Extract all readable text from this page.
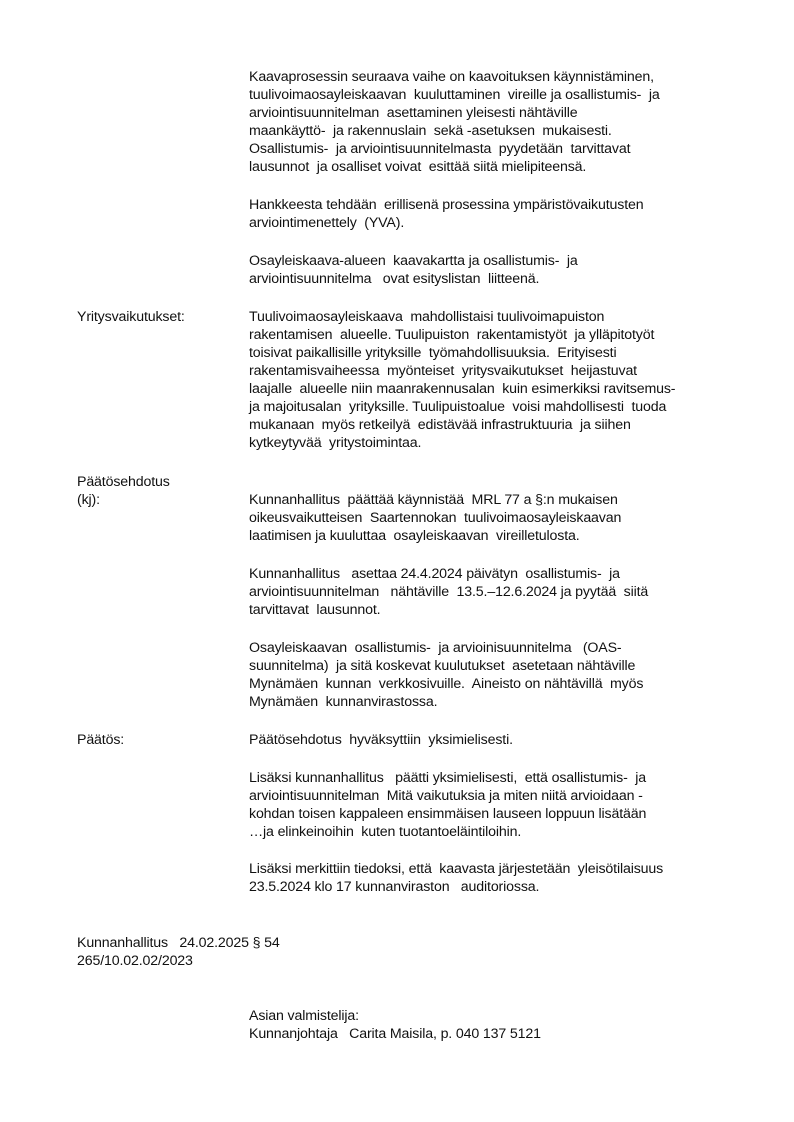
Kaavaprosessin seuraava vaihe on kaavoituksen käynnistäminen,
tuulivoimaosayleiskaavan  kuuluttaminen  vireille ja osallistumis-  ja
arviointisuunnitelman  asettaminen yleisesti nähtäville
maankäyttö-  ja rakennuslain  sekä -asetuksen  mukaisesti.
Osallistumis-  ja arviointisuunnitelmasta  pyydetään  tarvittavat
lausunnot  ja osalliset voivat  esittää siitä mielipiteensä.
Hankkeesta tehdään  erillisenä prosessina ympäristövaikutusten
arviointimenettely  (YVA).
Osayleiskaava-alueen  kaavakartta ja osallistumis-  ja
arviointisuunnitelma   ovat esityslistan  liitteenä.
Yritysvaikutukset:	Tuulivoimaosayleiskaava  mahdollistaisi tuulivoimapuiston
rakentamisen  alueelle. Tuulipuiston  rakentamistyöt  ja ylläpitotyöt
toisivat paikallisille yrityksille  työmahdollisuuksia.  Erityisesti
rakentamisvaiheessa  myönteiset  yritysvaikutukset  heijastuvat
laajalle  alueelle niin maanrakennusalan  kuin esimerkiksi ravitsemus-
ja majoitusalan  yrityksille. Tuulipuistoalue  voisi mahdollisesti  tuoda
mukanaan  myös retkeilyä  edistävää infrastruktuuria  ja siihen
kytkeytyvää  yritystoimintaa.
Päätösehdotus
(kj):	Kunnanhallitus  päättää käynnistää  MRL 77 a §:n mukaisen
oikeusvaikutteisen  Saartennokan  tuulivoimaosayleiskaavan
laatimisen ja kuuluttaa  osayleiskaavan  vireilletulosta.
Kunnanhallitus   asettaa 24.4.2024 päivätyn  osallistumis-  ja
arviointisuunnitelman   nähtäville  13.5.–12.6.2024 ja pyytää  siitä
tarvittavat  lausunnot.
Osayleiskaavan  osallistumis-  ja arvioinisuunnitelma   (OAS-
suunnitelma)  ja sitä koskevat kuulutukset  asetetaan nähtäville
Mynämäen  kunnan  verkkosivuille.  Aineisto on nähtävillä  myös
Mynämäen  kunnanvirastossa.
Päätös:	Päätösehdotus  hyväksyttiin  yksimielisesti.
Lisäksi kunnanhallitus   päätti yksimielisesti,  että osallistumis-  ja
arviointisuunnitelman  Mitä vaikutuksia ja miten niitä arvioidaan -
kohdan toisen kappaleen ensimmäisen lauseen loppuun lisätään
…ja elinkeinoihin  kuten tuotantoeläintiloihin.
Lisäksi merkittiin tiedoksi, että  kaavasta järjestetään  yleisötilaisuus
23.5.2024 klo 17 kunnanviraston   auditoriossa.
Kunnanhallitus   24.02.2025 § 54
265/10.02.02/2023
Asian valmistelija:
Kunnanjohtaja   Carita Maisila, p. 040 137 5121
